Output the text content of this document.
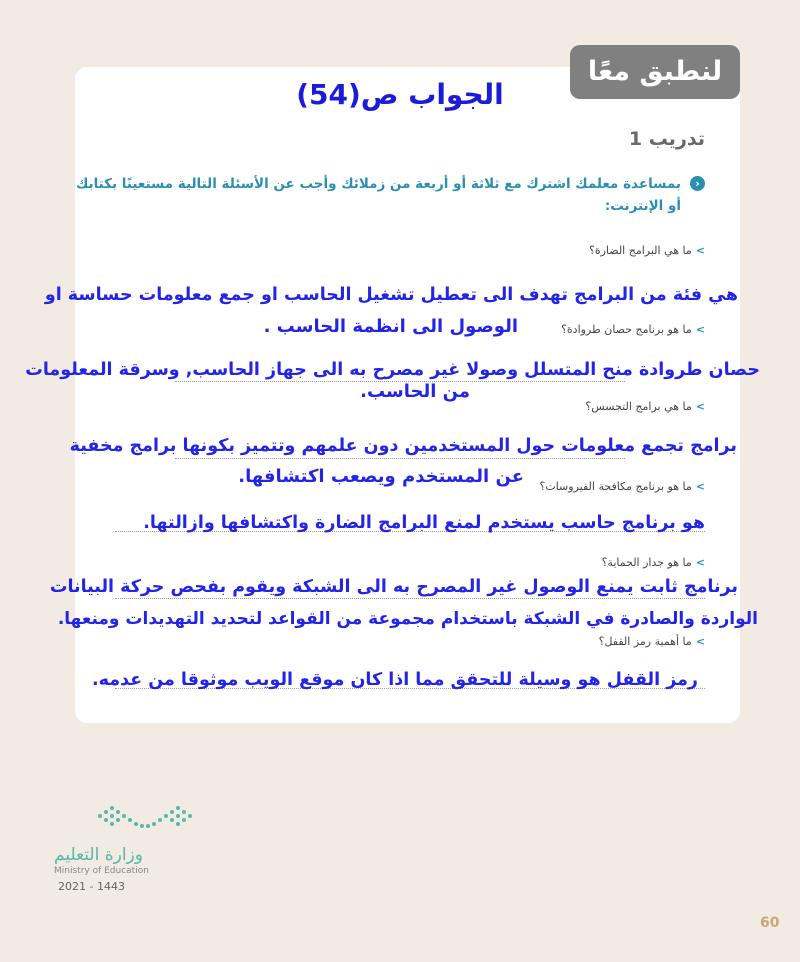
لنطبق معًا
الجواب ص(54)
تدريب 1
‹
بمساعدة معلمك اشترك مع ثلاثة أو أربعة من زملائك وأجب عن الأسئلة التالية مستعينًا بكتابك أو الإنترنت:
>ما هي البرامج الضارة؟
هي فئة من البرامج تهدف الى تعطيل تشغيل الحاسب او جمع معلومات حساسة او
>ما هو برنامج حصان طروادة؟
الوصول الى انظمة الحاسب .
حصان طروادة منح المتسلل وصولا غير مصرح به الى جهاز الحاسب, وسرقة المعلومات
من الحاسب.
>ما هي برامج التجسس؟
برامج تجمع معلومات حول المستخدمين دون علمهم وتتميز بكونها برامج مخفية
عن المستخدم ويصعب اكتشافها.	>ما هو برنامج مكافحة الفيروسات؟
هو برنامج حاسب يستخدم لمنع البرامج الضارة واكتشافها وازالتها.
>ما هو جدار الحماية؟
برنامج ثابت يمنع الوصول غير المصرح به الى الشبكة ويقوم بفحص حركة البيانات
الواردة والصادرة في الشبكة باستخدام مجموعة من القواعد لتحديد التهديدات ومنعها.
>ما أهمية رمز القفل؟
رمز القفل هو وسيلة للتحقق مما اذا كان موقع الويب موثوقا من عدمه.
وزارة التعليم
Ministry of Education
2021 - 1443
60
